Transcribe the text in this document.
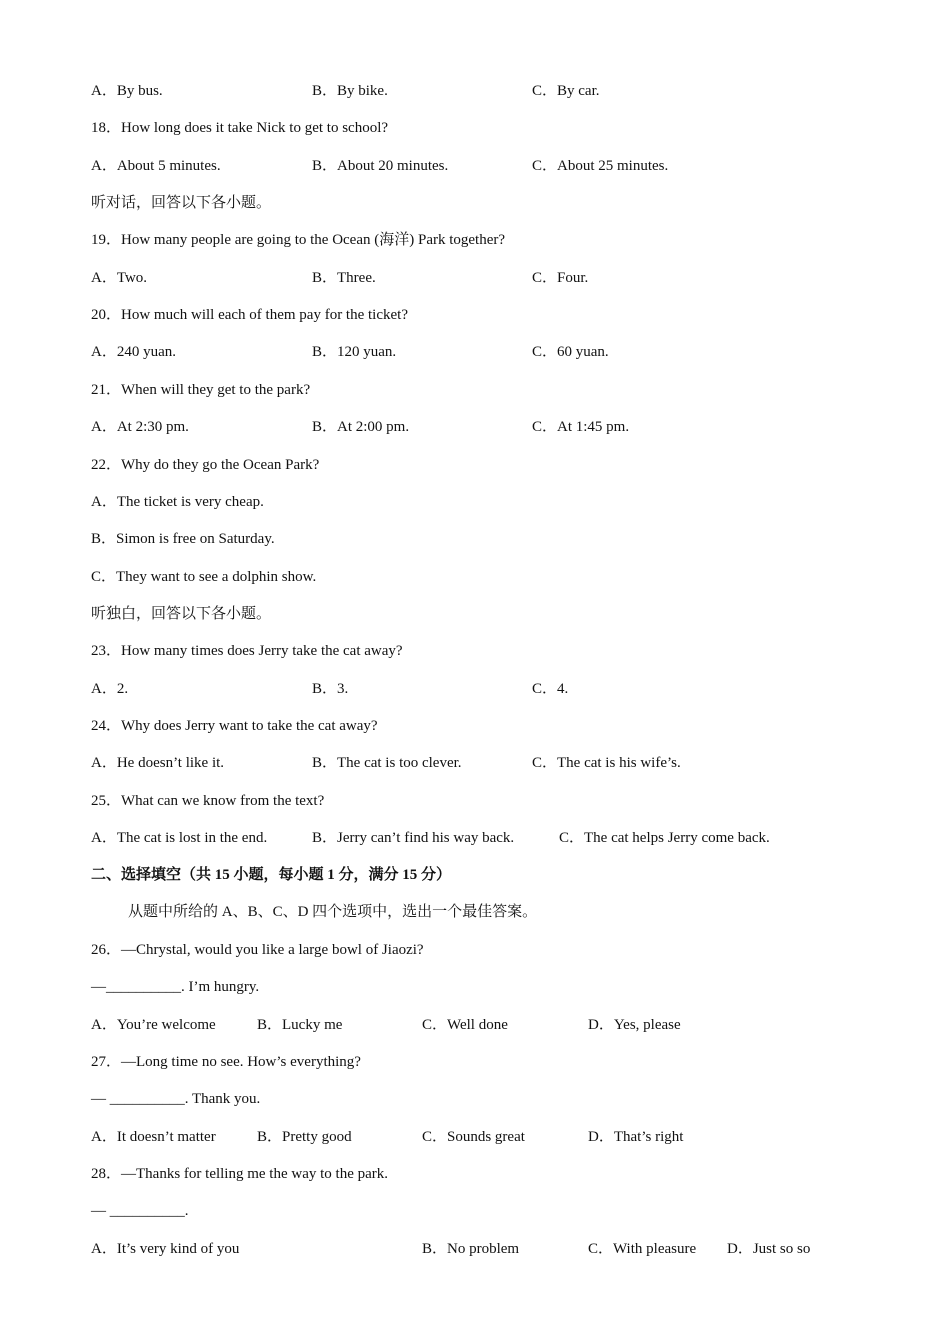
A．By bus.	B．By bike.	C．By car.
18．How long does it take Nick to get to school?
A．About 5 minutes.	B．About 20 minutes.	C．About 25 minutes.
听对话，回答以下各小题。
19．How many people are going to the Ocean (海洋) Park together?
A．Two.	B．Three.	C．Four.
20．How much will each of them pay for the ticket?
A．240 yuan.	B．120 yuan.	C．60 yuan.
21．When will they get to the park?
A．At 2:30 pm.	B．At 2:00 pm.	C．At 1:45 pm.
22．Why do they go the Ocean Park?
A．The ticket is very cheap.
B．Simon is free on Saturday.
C．They want to see a dolphin show.
听独白，回答以下各小题。
23．How many times does Jerry take the cat away?
A．2.	B．3.	C．4.
24．Why does Jerry want to take the cat away?
A．He doesn’t like it.	B．The cat is too clever.	C．The cat is his wife’s.
25．What can we know from the text?
A．The cat is lost in the end.	B．Jerry can’t find his way back.	C．The cat helps Jerry come back.
二、选择填空（共 15 小题，每小题 1 分，满分 15 分）
从题中所给的 A、B、C、D 四个选项中，选出一个最佳答案。
26．—Chrystal, would you like a large bowl of Jiaozi?
—__________. I’m hungry.
A．You’re welcome	B．Lucky me	C．Well done	D．Yes, please
27．—Long time no see. How’s everything?
— __________. Thank you.
A．It doesn’t matter	B．Pretty good	C．Sounds great	D．That’s right
28．—Thanks for telling me the way to the park.
— __________.
A．It’s very kind of you	B．No problem	C．With pleasure D．Just so so
